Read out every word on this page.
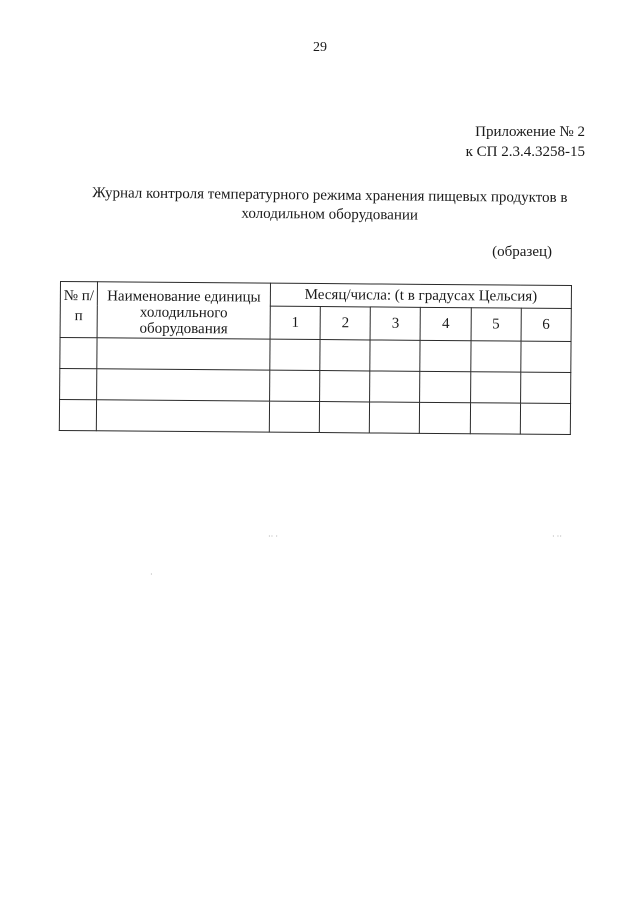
29
Приложение № 2
к СП 2.3.4.3258-15
Журнал контроля температурного режима хранения пищевых продуктов в
холодильном оборудовании
(образец)
№ п/п	Наименование единицы холодильного оборудования	Месяц/числа: (t в градусах Цельсия)					
		1	2	3	4	5	6

·· ·	· ··
·
